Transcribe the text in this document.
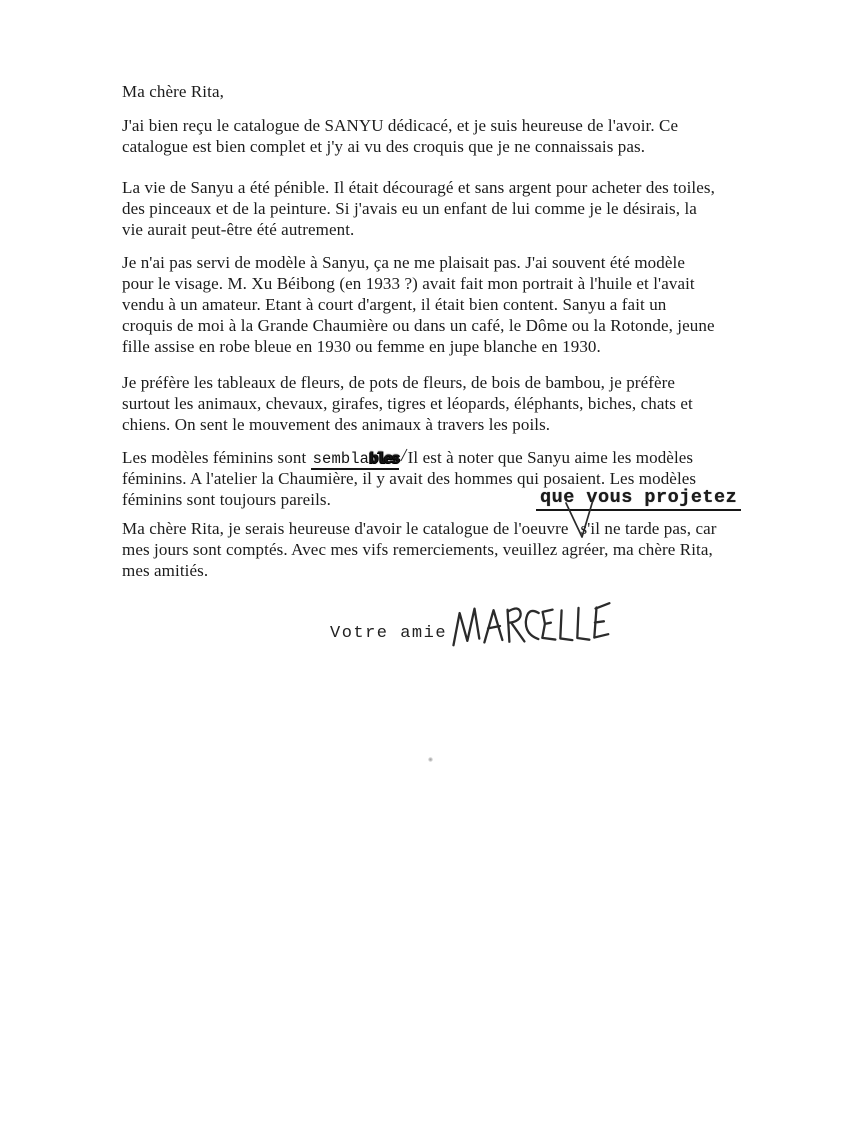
Ma chère Rita,
J'ai bien reçu le catalogue de SANYU dédicacé, et je suis heureuse de l'avoir. Ce
catalogue est bien complet et j'y ai vu des croquis que je ne connaissais pas.
La vie de Sanyu a été pénible. Il était découragé et sans argent pour acheter des toiles,
des pinceaux et de la peinture. Si j'avais eu un enfant de lui comme je le désirais, la
vie aurait peut-être été autrement.
Je n'ai pas servi de modèle à Sanyu, ça ne me plaisait pas. J'ai souvent été modèle
pour le visage. M. Xu Béibong (en 1933 ?) avait fait mon portrait à l'huile et l'avait
vendu à un amateur. Etant à court d'argent, il était bien content. Sanyu a fait un
croquis de moi à la Grande Chaumière ou dans un café, le Dôme ou la Rotonde, jeune
fille assise en robe bleue en 1930 ou femme en jupe blanche en 1930.
Je préfère les tableaux de fleurs, de pots de fleurs, de bois de bambou, je préfère
surtout les animaux, chevaux, girafes, tigres et léopards, éléphants, biches, chats et
chiens. On sent le mouvement des animaux à travers les poils.
Les modèles féminins sont semblables/Il est à noter que Sanyu aime les modèles
féminins. A l'atelier la Chaumière, il y avait des hommes qui posaient. Les modèles
féminins sont toujours pareils.	que vous projetez
Ma chère Rita, je serais heureuse d'avoir le catalogue de l'oeuvre s'il ne tarde pas, car
mes jours sont comptés. Avec mes vifs remerciements, veuillez agréer, ma chère Rita,
mes amitiés.
Votre amie
